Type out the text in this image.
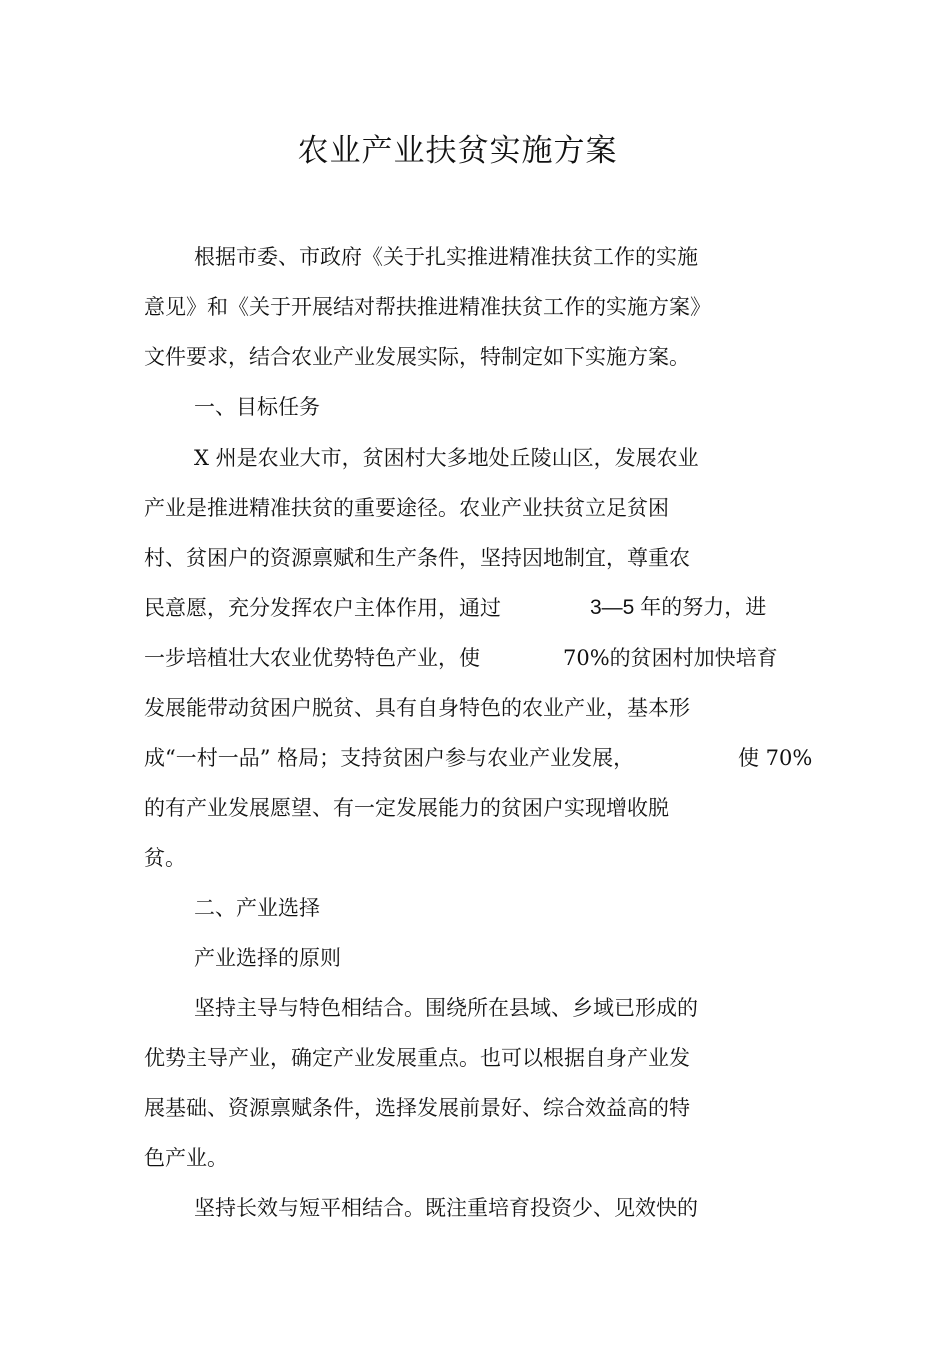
农业产业扶贫实施方案
根据市委、市政府《关于扎实推进精准扶贫工作的实施
意见》和《关于开展结对帮扶推进精准扶贫工作的实施方案》
文件要求，结合农业产业发展实际，特制定如下实施方案。
一、目标任务
X 州是农业大市，贫困村大多地处丘陵山区，发展农业
产业是推进精准扶贫的重要途径。农业产业扶贫立足贫困
村、贫困户的资源禀赋和生产条件，坚持因地制宜，尊重农
民意愿，充分发挥农户主体作用，通过	3—5 年的努力，进
一步培植壮大农业优势特色产业，使	70%的贫困村加快培育
发展能带动贫困户脱贫、具有自身特色的农业产业，基本形
成“一村一品” 格局；支持贫困户参与农业产业发展，	使 70%
的有产业发展愿望、有一定发展能力的贫困户实现增收脱
贫。
二、产业选择
产业选择的原则
坚持主导与特色相结合。围绕所在县域、乡域已形成的
优势主导产业，确定产业发展重点。也可以根据自身产业发
展基础、资源禀赋条件，选择发展前景好、综合效益高的特
色产业。
坚持长效与短平相结合。既注重培育投资少、见效快的
